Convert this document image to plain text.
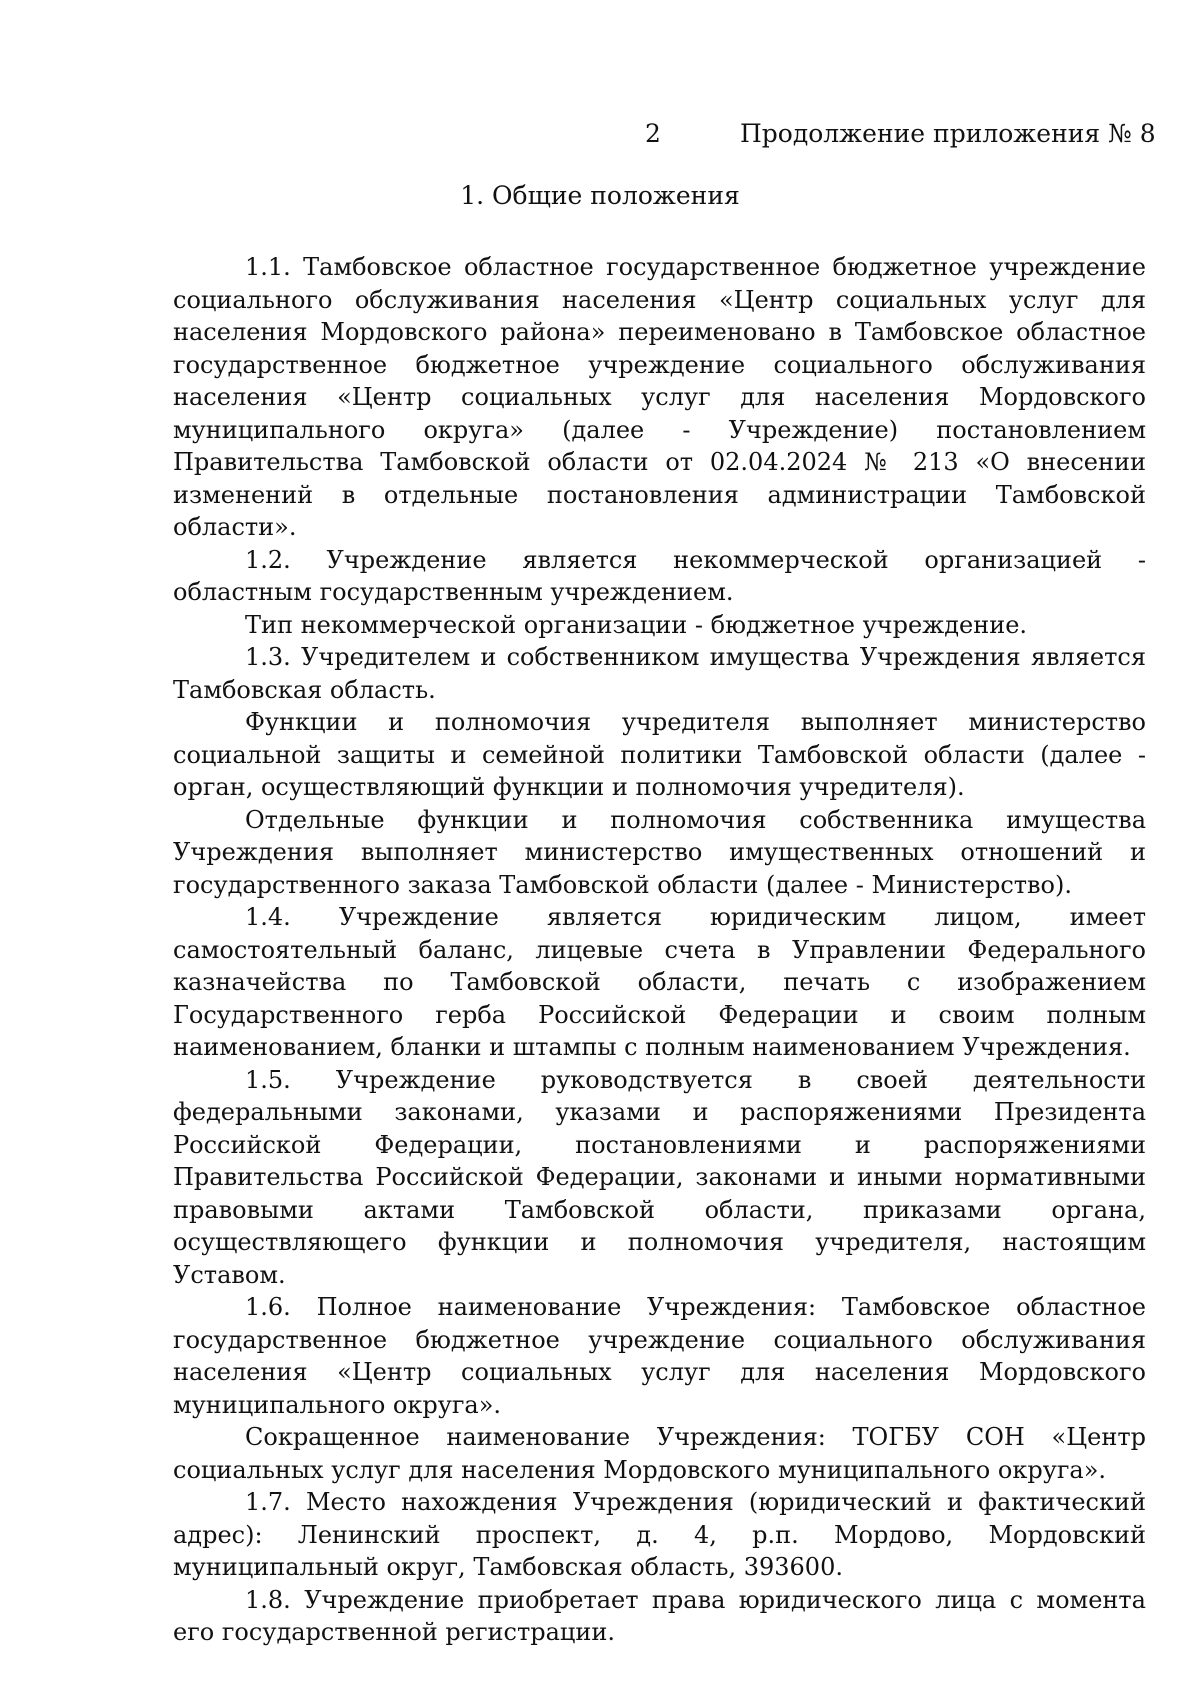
2	Продолжение приложения № 8
1. Общие положения

1.1. Тамбовское областное государственное бюджетное учреждение социального обслуживания населения «Центр социальных услуг для населения Мордовского района» переименовано в Тамбовское областное государственное бюджетное учреждение социального обслуживания населения «Центр социальных услуг для населения Мордовского муниципального округа» (далее - Учреждение) постановлением Правительства Тамбовской области от 02.04.2024 № 213 «О внесении изменений в отдельные постановления администрации Тамбовской области».

1.2. Учреждение является некоммерческой организацией - областным государственным учреждением.

Тип некоммерческой организации - бюджетное учреждение.

1.3. Учредителем и собственником имущества Учреждения является Тамбовская область.

Функции и полномочия учредителя выполняет министерство социальной защиты и семейной политики Тамбовской области (далее - орган, осуществляющий функции и полномочия учредителя).

Отдельные функции и полномочия собственника имущества Учреждения выполняет министерство имущественных отношений и государственного заказа Тамбовской области (далее - Министерство).

1.4. Учреждение является юридическим лицом, имеет самостоятельный баланс, лицевые счета в Управлении Федерального казначейства по Тамбовской области, печать с изображением Государственного герба Российской Федерации и своим полным наименованием, бланки и штампы с полным наименованием Учреждения.

1.5. Учреждение руководствуется в своей деятельности федеральными законами, указами и распоряжениями Президента Российской Федерации, постановлениями и распоряжениями Правительства Российской Федерации, законами и иными нормативными правовыми актами Тамбовской области, приказами органа, осуществляющего функции и полномочия учредителя, настоящим Уставом.

1.6. Полное наименование Учреждения: Тамбовское областное государственное бюджетное учреждение социального обслуживания населения «Центр социальных услуг для населения Мордовского муниципального округа».

Сокращенное наименование Учреждения: ТОГБУ СОН «Центр социальных услуг для населения Мордовского муниципального округа».

1.7. Место нахождения Учреждения (юридический и фактический адрес): Ленинский проспект, д. 4, р.п. Мордово, Мордовский муниципальный округ, Тамбовская область, 393600.

1.8. Учреждение приобретает права юридического лица с момента его государственной регистрации.
